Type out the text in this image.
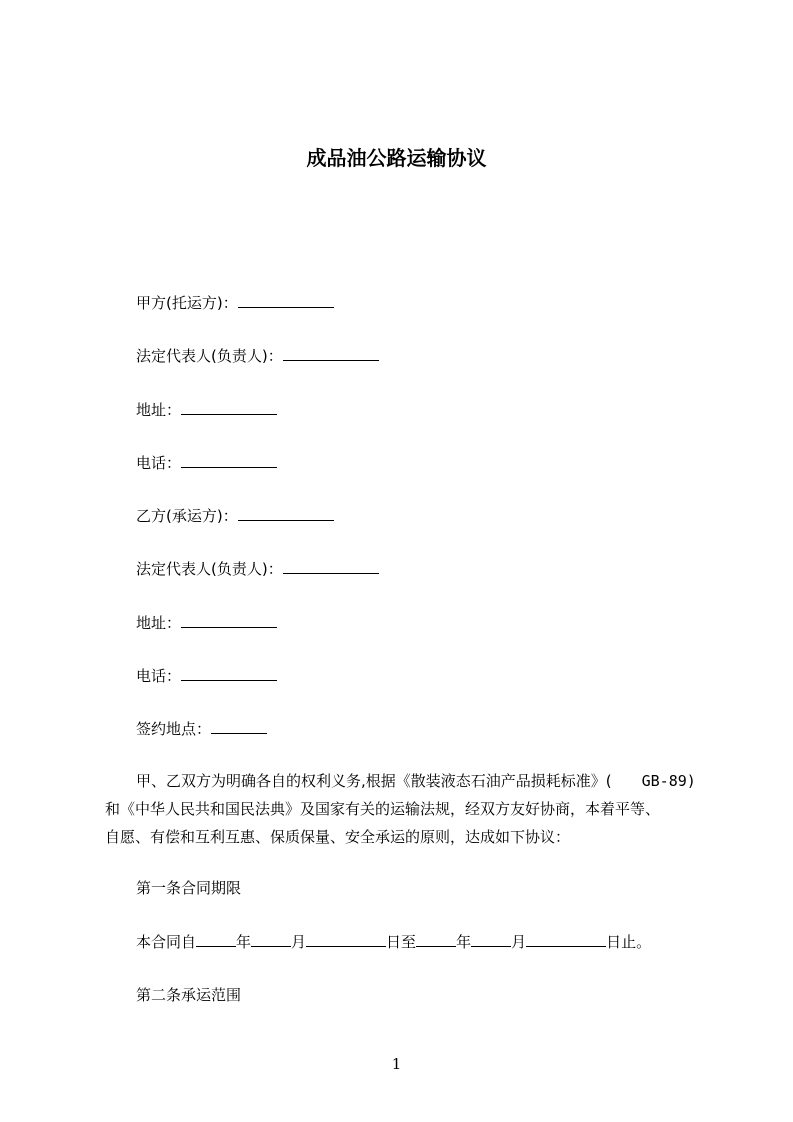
成品油公路运输协议
甲方(托运方)：
法定代表人(负责人)：
地址：
电话：
乙方(承运方)：
法定代表人(负责人)：
地址：
电话：
签约地点：
甲、乙双方为明确各自的权利义务,根据《散装液态石油产品损耗标准》( GB-89)
和《中华人民共和国民法典》及国家有关的运输法规，经双方友好协商，本着平等、
自愿、有偿和互利互惠、保质保量、安全承运的原则，达成如下协议：
第一条合同期限
本合同自	年	月	日至	年	月	日止。
第二条承运范围
1
